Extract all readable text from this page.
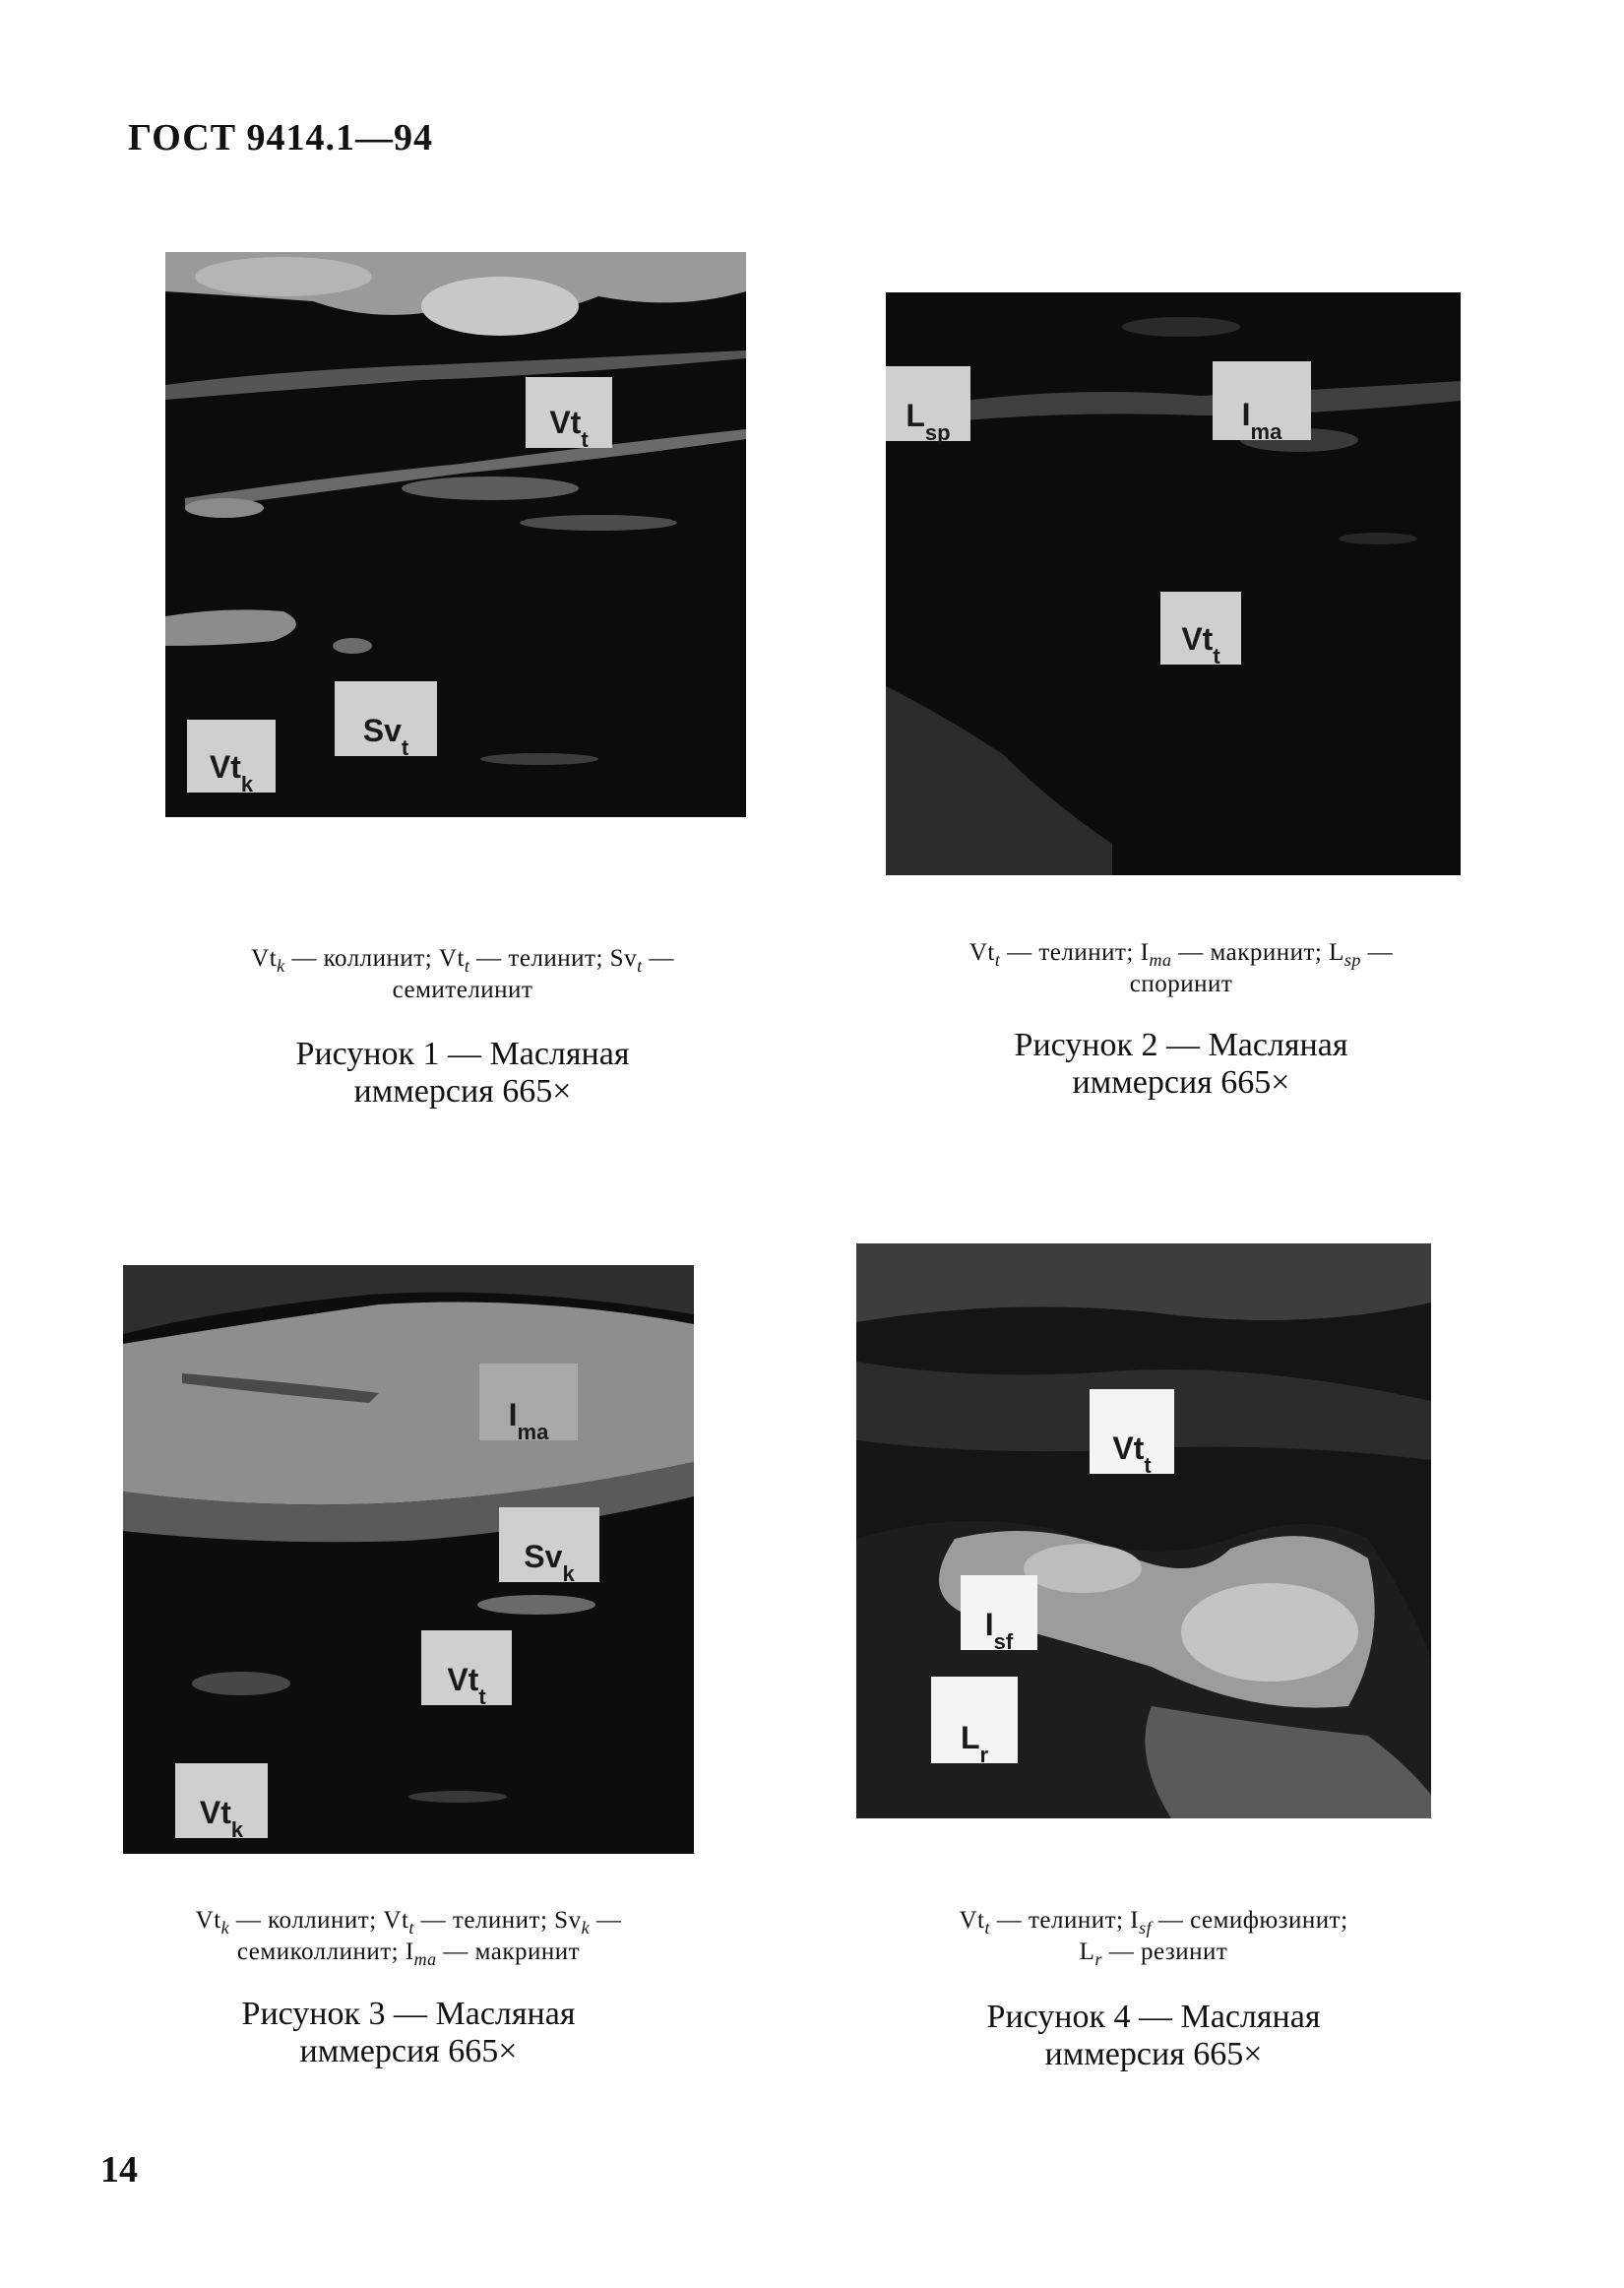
ГОСТ 9414.1—94
$Vt_t$
$Sv_t$
$Vt_k$
$Vt_k$ — коллинит; $Vt_t$ — телинит; $Sv_t$ —
семителинит
Рисунок 1 — Масляная
иммерсия 665×
$L_{sp}$
$I_{ma}$
$Vt_t$
$Vt_t$ — телинит; $I_{ma}$ — макринит; $L_{sp}$ —
споринит
Рисунок 2 — Масляная
иммерсия 665×
$I_{ma}$
$Sv_k$
$Vt_t$
$Vt_k$
$Vt_k$ — коллинит; $Vt_t$ — телинит; $Sv_k$ —
семиколлинит; $I_{ma}$ — макринит
Рисунок 3 — Масляная
иммерсия 665×
$Vt_t$
$I_{sf}$
$L_r$
$Vt_t$ — телинит; $I_{sf}$ — семифюзинит;
$L_r$ — резинит
Рисунок 4 — Масляная
иммерсия 665×
14
